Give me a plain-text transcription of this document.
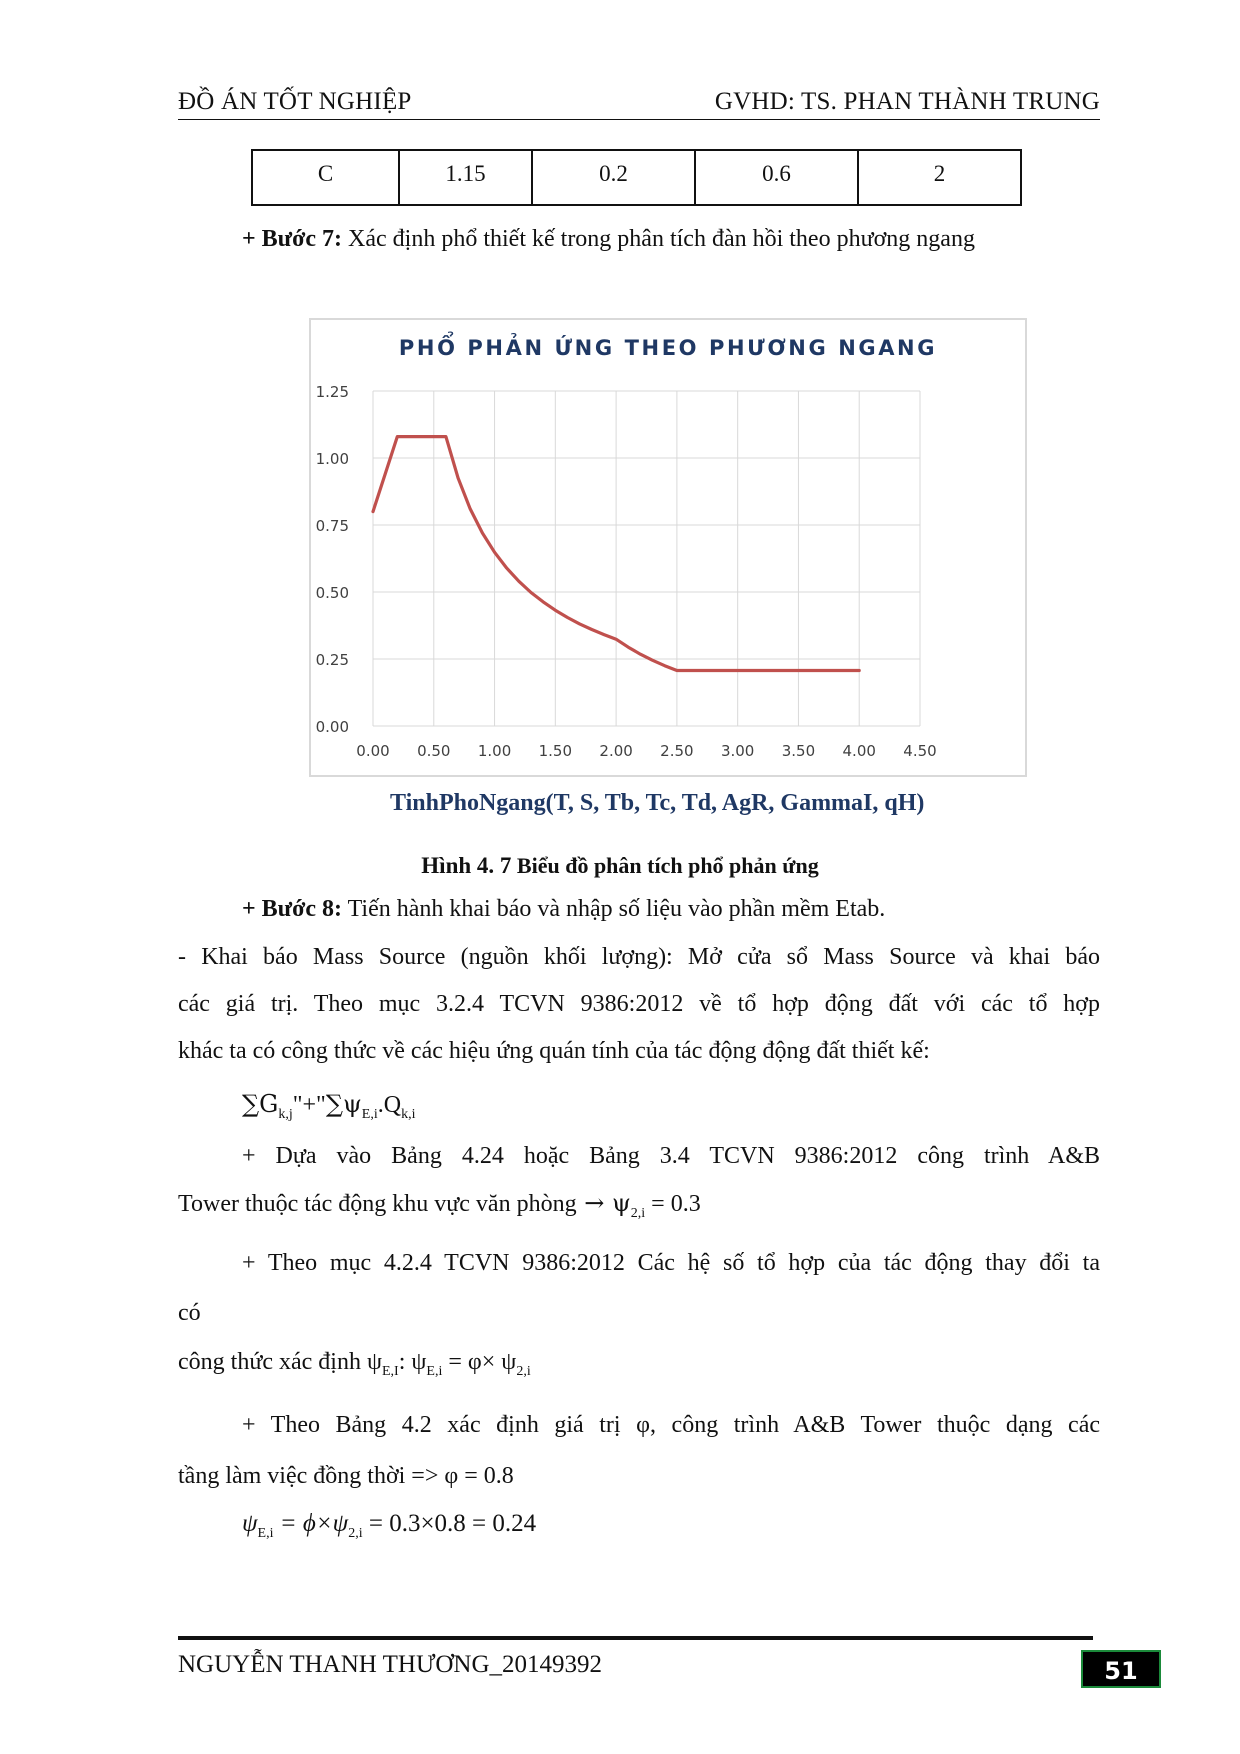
ĐỒ ÁN TỐT NGHIỆP	GVHD: TS. PHAN THÀNH TRUNG
C	1.15	0.2	0.6	2
+ Bước 7: Xác định phổ thiết kế trong phân tích đàn hồi theo phương ngang
PHỔ PHẢN ỨNG THEO PHƯƠNG NGANG
0.00
0.25
0.50
0.75
1.00
1.25
0.00 0.50 1.00 1.50 2.00 2.50 3.00 3.50 4.00 4.50
TinhPhoNgang(T, S, Tb, Tc, Td, AgR, GammaI, qH)
Hình 4. 7 Biểu đồ phân tích phổ phản ứng
+ Bước 8: Tiến hành khai báo và nhập số liệu vào phần mềm Etab.
- Khai báo Mass Source (nguồn khối lượng): Mở cửa sổ Mass Source và khai báo
các giá trị. Theo mục 3.2.4 TCVN 9386:2012 về tổ hợp động đất với các tổ hợp
khác ta có công thức về các hiệu ứng quán tính của tác động động đất thiết kế:
$\sum G_{k,j}"+"\sum\psi_{E,i}.Q_{k,i}$
+ Dựa vào Bảng 4.24 hoặc Bảng 3.4 TCVN 9386:2012 công trình A&B
Tower thuộc tác động khu vực văn phòng → $\psi_{2,i} = 0.3$
+ Theo mục 4.2.4 TCVN 9386:2012 Các hệ số tổ hợp của tác động thay đổi ta
có
công thức xác định $\psi_{E,I}$: $\psi_{E,i} = \varphi\times \psi_{2,i}$
+ Theo Bảng 4.2 xác định giá trị φ, công trình A&B Tower thuộc dạng các
tầng làm việc đồng thời => φ = 0.8
$\psi_{E,i} = \phi\times\psi_{2,i} = 0.3\times 0.8 = 0.24$
NGUYỄN THANH THƯƠNG_20149392	51
